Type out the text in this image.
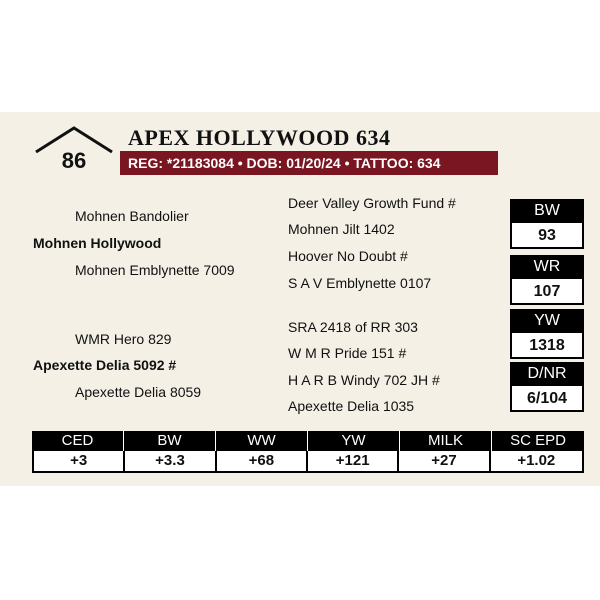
86
APEX HOLLYWOOD 634
REG: *21183084 • DOB: 01/20/24 • TATTOO: 634
Mohnen Bandolier
Mohnen Hollywood
Mohnen Emblynette 7009
Deer Valley Growth Fund #
Mohnen Jilt 1402
Hoover No Doubt #
S A V Emblynette 0107
WMR Hero 829
Apexette Delia 5092 #
Apexette Delia 8059
SRA 2418 of RR 303
W M R Pride 151 #
H A R B Windy 702 JH #
Apexette Delia 1035
BW
93
WR
107
YW
1318
D/NR
6/104
CED	BW	WW	YW	MILK	SC EPD
+3	+3.3	+68	+121	+27	+1.02
